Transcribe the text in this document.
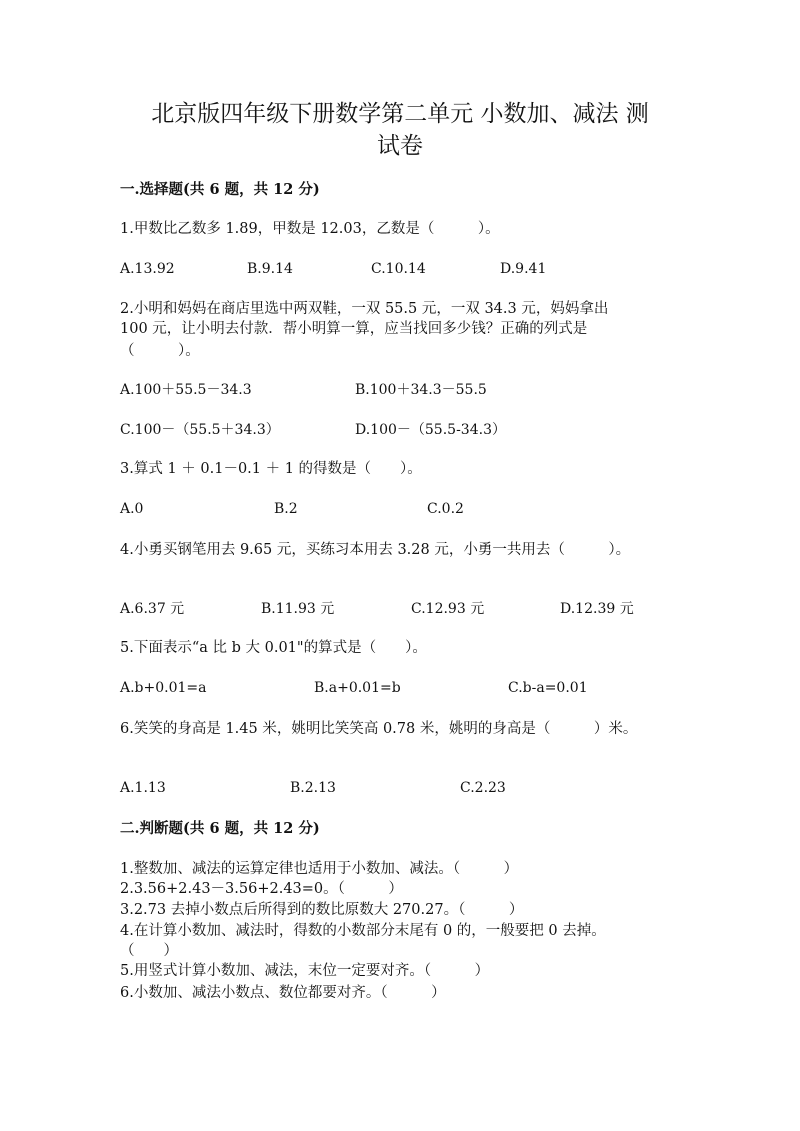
北京版四年级下册数学第二单元 小数加、减法 测
试卷
一.选择题(共 6 题，共 12 分)
1.甲数比乙数多 1.89，甲数是 12.03，乙数是（　　　）。
A.13.92	B.9.14	C.10.14	D.9.41
2.小明和妈妈在商店里选中两双鞋，一双 55.5 元，一双 34.3 元，妈妈拿出
100 元，让小明去付款．帮小明算一算，应当找回多少钱？正确的列式是
（　　　）。
A.100＋55.5－34.3	B.100＋34.3－55.5
C.100－（55.5＋34.3）	D.100－（55.5-34.3）
3.算式 1 ＋ 0.1－0.1 ＋ 1 的得数是（　　）。
A.0	B.2	C.0.2
4.小勇买钢笔用去 9.65 元，买练习本用去 3.28 元，小勇一共用去（　　　）。
A.6.37 元	B.11.93 元	C.12.93 元	D.12.39 元
5.下面表示“a 比 b 大 0.01"的算式是（　　）。
A.b+0.01=a	B.a+0.01=b	C.b-a=0.01
6.笑笑的身高是 1.45 米，姚明比笑笑高 0.78 米，姚明的身高是（　　　）米。
A.1.13	B.2.13	C.2.23
二.判断题(共 6 题，共 12 分)
1.整数加、减法的运算定律也适用于小数加、减法。（　　　）
2.3.56+2.43－3.56+2.43=0。（　　　）
3.2.73 去掉小数点后所得到的数比原数大 270.27。（　　　）
4.在计算小数加、减法时，得数的小数部分末尾有 0 的，一般要把 0 去掉。
（　　）
5.用竖式计算小数加、减法，末位一定要对齐。（　　　）
6.小数加、减法小数点、数位都要对齐。（　　　）
